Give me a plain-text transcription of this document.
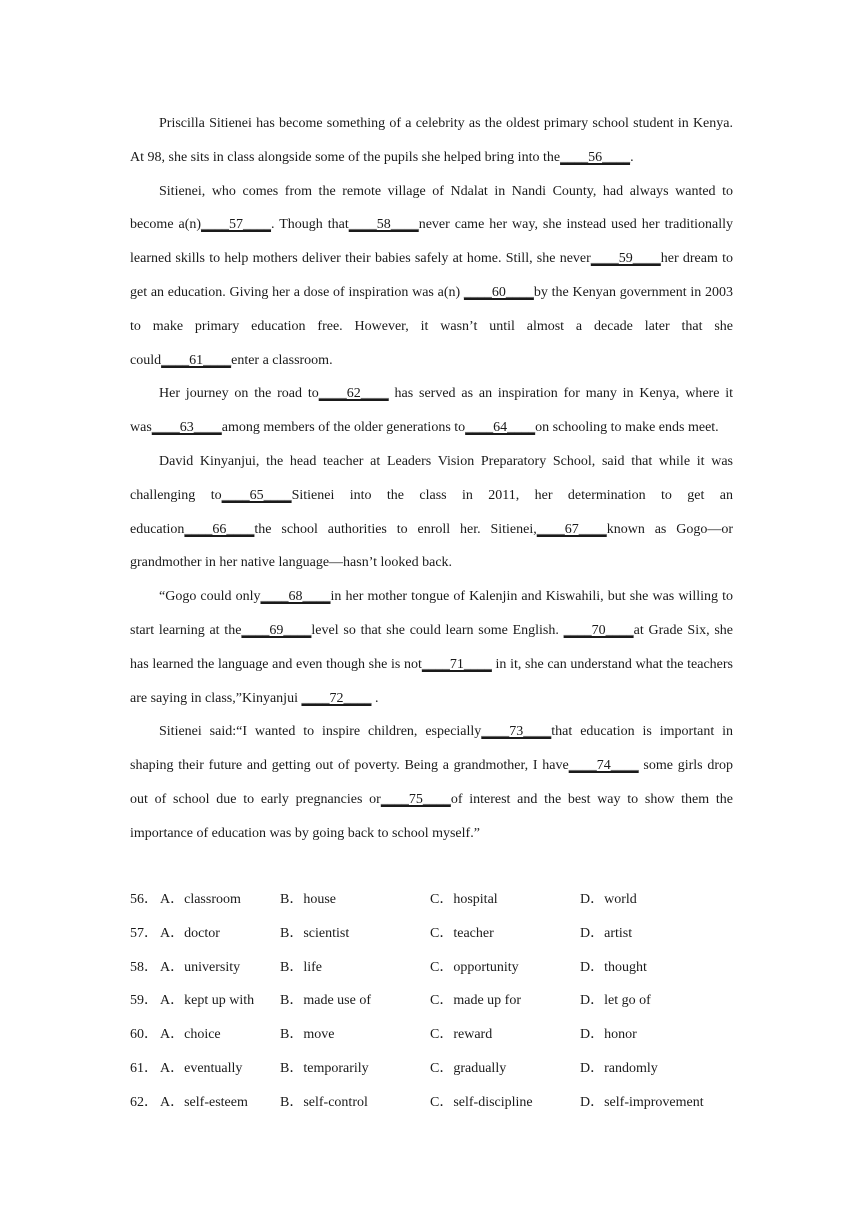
Priscilla Sitienei has become something of a celebrity as the oldest primary school student in Kenya. At 98, she sits in class alongside some of the pupils she helped bring into the____56____.

Sitienei, who comes from the remote village of Ndalat in Nandi County, had always wanted to become a(n)____57____. Though that____58____never came her way, she instead used her traditionally learned skills to help mothers deliver their babies safely at home. Still, she never____59____her dream to get an education. Giving her a dose of inspiration was a(n) ____60____by the Kenyan government in 2003 to make primary education free. However, it wasn’t until almost a decade later that she could____61____enter a classroom.

Her journey on the road to____62____ has served as an inspiration for many in Kenya, where it was____63____among members of the older generations to____64____on schooling to make ends meet.

David Kinyanjui, the head teacher at Leaders Vision Preparatory School, said that while it was challenging to____65____Sitienei into the class in 2011, her determination to get an education____66____the school authorities to enroll her. Sitienei,____67____known as Gogo—or grandmother in her native language—hasn’t looked back.

“Gogo could only____68____in her mother tongue of Kalenjin and Kiswahili, but she was willing to start learning at the____69____level so that she could learn some English. ____70____at Grade Six, she has learned the language and even though she is not____71____ in it, she can understand what the teachers are saying in class,”Kinyanjui ____72____ .

Sitienei said:“I wanted to inspire children, especially____73____that education is important in shaping their future and getting out of poverty. Being a grandmother, I have____74____ some girls drop out of school due to early pregnancies or____75____of interest and the best way to show them the importance of education was by going back to school myself.”

56． A．classroom	B．house	C．hospital	D．world
57． A．doctor	B．scientist	C．teacher	D．artist
58． A．university	B．life	C．opportunity	D．thought
59． A．kept up with B．made use of	C．made up for	D．let go of
60． A．choice	B．move	C．reward	D．honor
61． A．eventually	B．temporarily	C．gradually	D．randomly
62． A．self-esteem B．self-control	C．self-discipline	D．self-improvement
